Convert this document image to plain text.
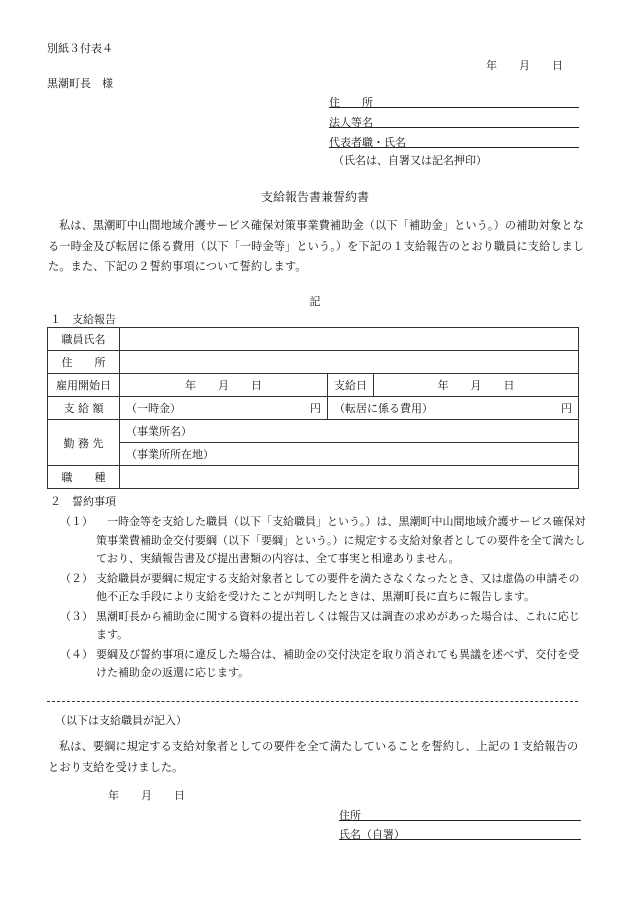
別紙３付表４
年　　月　　日
黒潮町長　様
住　　所
法人等名
代表者職・氏名
（氏名は、自署又は記名押印）
支給報告書兼誓約書
私は、黒潮町中山間地域介護サービス確保対策事業費補助金（以下「補助金」という。）の補助対象となる一時金及び転居に係る費用（以下「一時金等」という。）を下記の１支給報告のとおり職員に支給しました。また、下記の２誓約事項について誓約します。
記
１　支給報告
職員氏名			
住　　所			
雇用開始日	年　　月　　日	支給日	年　　月　　日
支 給 額	（一時金） 円	（転居に係る費用） 円	

勤 務 先	（事業所名）		
	（事業所所在地）		
職　　種			
２　誓約事項
（１） 　一時金等を支給した職員（以下「支給職員」という。）は、黒潮町中山間地域介護サービス確保対策事業費補助金交付要綱（以下「要綱」という。）に規定する支給対象者としての要件を全て満たしており、実績報告書及び提出書類の内容は、全て事実と相違ありません。
（２） 支給職員が要綱に規定する支給対象者としての要件を満たさなくなったとき、又は虚偽の申請その他不正な手段により支給を受けたことが判明したときは、黒潮町長に直ちに報告します。
（３） 黒潮町長から補助金に関する資料の提出若しくは報告又は調査の求めがあった場合は、これに応じます。
（４） 要綱及び誓約事項に違反した場合は、補助金の交付決定を取り消されても異議を述べず、交付を受けた補助金の返還に応じます。
（以下は支給職員が記入）
私は、要綱に規定する支給対象者としての要件を全て満たしていることを誓約し、上記の１支給報告のとおり支給を受けました。
年　　月　　日
住所
氏名（自署）
